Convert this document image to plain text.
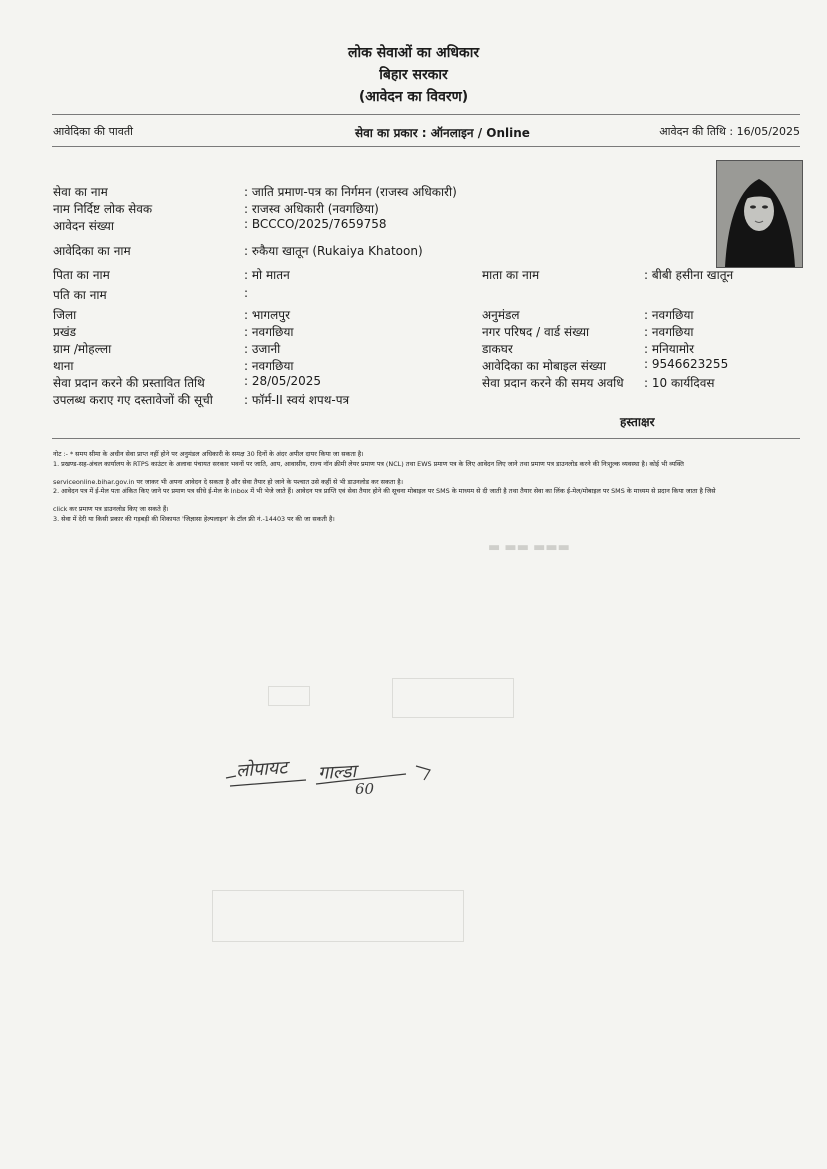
लोक सेवाओं का अधिकार
बिहार सरकार
(आवेदन का विवरण)
आवेदिका की पावती	सेवा का प्रकार : ऑनलाइन / Online	आवेदन की तिथि : 16/05/2025
▬ ▬▬ ▬▬▬
सेवा का नाम	: जाति प्रमाण-पत्र का निर्गमन (राजस्व अधिकारी)
नाम निर्दिष्ट लोक सेवक	: राजस्व अधिकारी (नवगछिया)
आवेदन संख्या	: BCCCO/2025/7659758
आवेदिका का नाम	: रुकैया खातून (Rukaiya Khatoon)
पिता का नाम	: मो मातन	माता का नाम	: बीबी हसीना खातून
पति का नाम	:
जिला	: भागलपुर	अनुमंडल	: नवगछिया
प्रखंड	: नवगछिया	नगर परिषद / वार्ड संख्या	: नवगछिया
ग्राम /मोहल्ला	: उजानी	डाकघर	: मनियामोर
थाना	: नवगछिया	आवेदिका का मोबाइल संख्या	: 9546623255
सेवा प्रदान करने की प्रस्तावित तिथि	: 28/05/2025	सेवा प्रदान करने की समय अवधि : 10 कार्यदिवस
उपलब्ध कराए गए दस्तावेजों की सूची	: फॉर्म-II स्वयं शपथ-पत्र
हस्ताक्षर
नोट :- * समय सीमा के अधीन सेवा प्राप्त नहीं होने पर अनुमंडल अधिकारी के समक्ष 30 दिनों के अंदर अपील दायर किया जा सकता है।
1. प्रखण्ड-सह-अंचल कार्यालय के RTPS काउंटर के अलावा पंचायत सरकार भवनों पर जाति, आय, आवासीय, राज्य नॉन क्रीमी लेयर प्रमाण पत्र (NCL) तथा EWS प्रमाण पत्र के लिए आवेदन लिए जाने तथा प्रमाण पत्र डाउनलोड करने की निःशुल्क व्यवस्था है। कोई भी व्यक्ति
serviceonline.bihar.gov.in पर जाकर भी अपना आवेदन दे सकता है और सेवा तैयार हो जाने के पश्चात उसे कहीं से भी डाउनलोड कर सकता है।
2. आवेदन पत्र में ई-मेल पता अंकित किए जाने पर प्रमाण पत्र सीधे ई-मेल के Inbox में भी भेजे जाते हैं। आवेदन पत्र प्राप्ति एवं सेवा तैयार होने की सूचना मोबाइल पर SMS के माध्यम से दी जाती है तथा तैयार सेवा का लिंक ई-मेल/मोबाइल पर SMS के माध्यम से प्रदान किया जाता है जिसे
click कर प्रमाण पत्र डाउनलोड किए जा सकते हैं।
3. सेवा में देरी या किसी प्रकार की गड़बड़ी की शिकायत 'जिज्ञासा हेल्पलाइन' के टॉल फ्री नं.-14403 पर की जा सकती है।
लोपायट गाल्डा
60
